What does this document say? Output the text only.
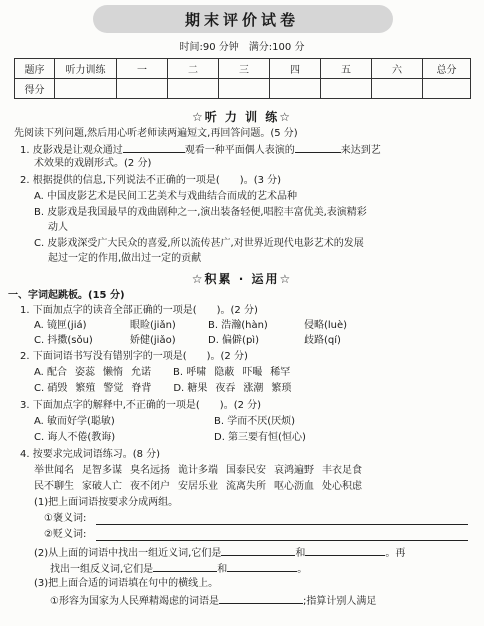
期末评价试卷
时间:90 分钟　满分:100 分
题序	听力训练	一	二	三	四	五	六	总分
得分								
☆听 力 训 练☆
先阅读下列问题,然后用心听老师读两遍短文,再回答问题。(5 分)
1. 皮影戏是让观众通过	观看一种平面偶人表演的	来达到艺
术效果的戏剧形式。(2 分)
2. 根据提供的信息,下列说法不正确的一项是(　　)。(3 分)
A. 中国皮影艺术是民间工艺美术与戏曲结合而成的艺术品种
B. 皮影戏是我国最早的戏曲剧种之一,演出装备轻便,唱腔丰富优美,表演精彩
动人
C. 皮影戏深受广大民众的喜爱,所以流传甚广,对世界近现代电影艺术的发展
起过一定的作用,做出过一定的贡献
☆积累 · 运用☆
一、字词起跳板。(15 分)
1. 下面加点字的读音全部正确的一项是(　　)。(2 分)
A. 镜匣(jiá)	眼睑(jiǎn)	B. 浩瀚(hàn)	侵略(luè)
C. 抖擞(sǒu)	娇健(jiǎo)	D. 偏僻(pì)	歧路(qí)
2. 下面词语书写没有错别字的一项是(　　)。(2 分)
A. 配合 姿蕊 懒惰 允诺 B. 呼啸 隐蔽 吓嘬 稀罕
C. 硝毁 繁殖 警觉 脊背 D. 糖果 夜吞 涨潮 繁琐
3. 下面加点字的解释中,不正确的一项是(　　)。(2 分)
A. 敏而好学(聪敏)	B. 学而不厌(厌烦)
C. 诲人不倦(教诲)	D. 第三要有恒(恒心)
4. 按要求完成词语练习。(8 分)
举世闻名 足智多谋 臭名远扬 诡计多端 国泰民安 哀鸿遍野 丰衣足食
民不聊生 家破人亡 夜不闭户 安居乐业 流离失所 呕心沥血 处心积虑
(1)把上面词语按要求分成两组。
①褒义词:
②贬义词:
(2)从上面的词语中找出一组近义词,它们是	和	。再
找出一组反义词,它们是	和	。
(3)把上面合适的词语填在句中的横线上。
①形容为国家为人民殚精竭虑的词语是	;指算计别人满足
